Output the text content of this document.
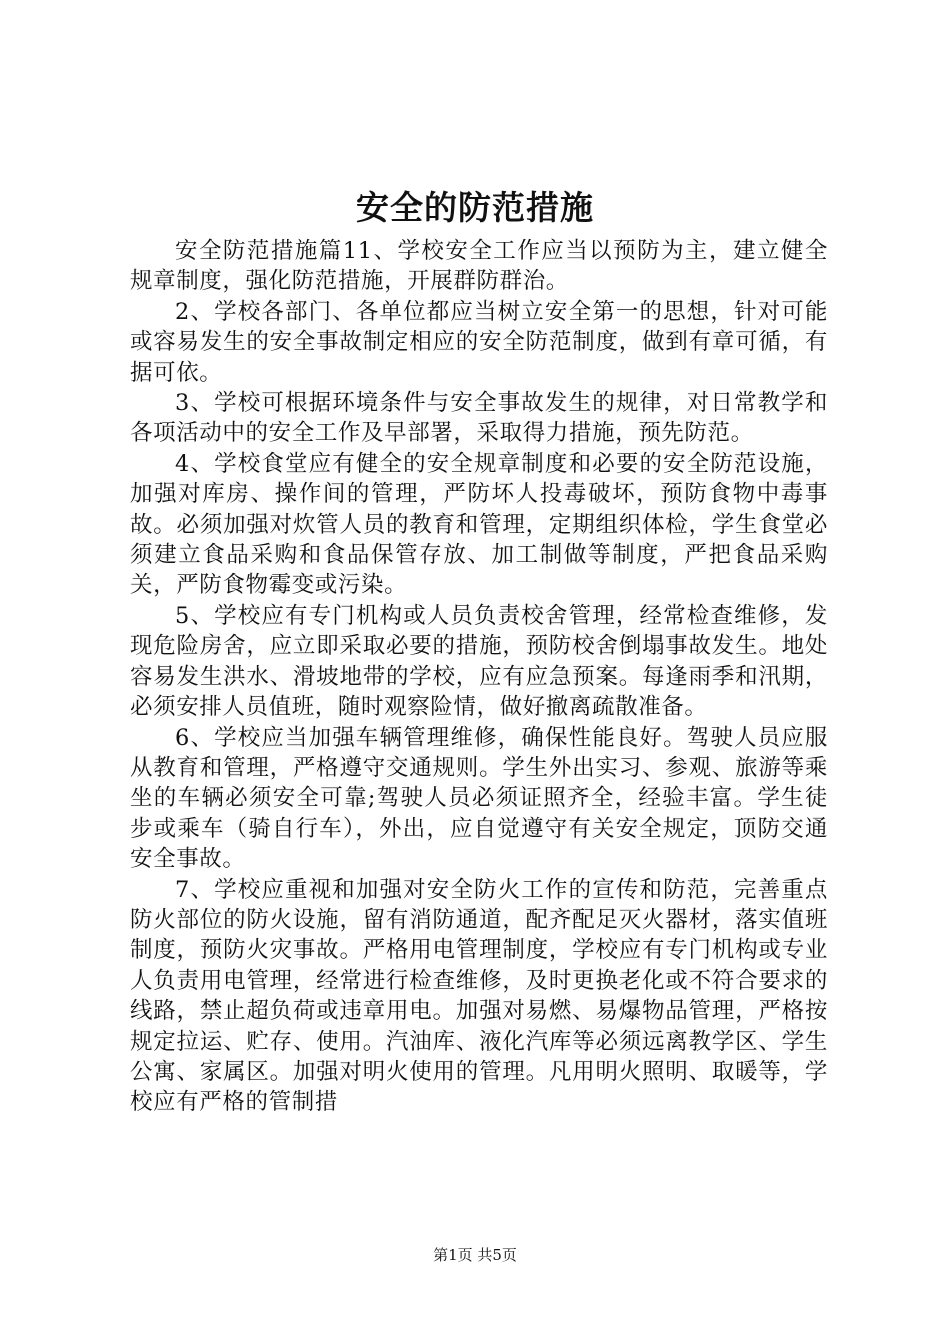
安全的防范措施

安全防范措施篇11、学校安全工作应当以预防为主，建立健全规章制度，强化防范措施，开展群防群治。

2、学校各部门、各单位都应当树立安全第一的思想，针对可能或容易发生的安全事故制定相应的安全防范制度，做到有章可循，有据可依。

3、学校可根据环境条件与安全事故发生的规律，对日常教学和各项活动中的安全工作及早部署，采取得力措施，预先防范。

4、学校食堂应有健全的安全规章制度和必要的安全防范设施，加强对库房、操作间的管理，严防坏人投毒破坏，预防食物中毒事故。必须加强对炊管人员的教育和管理，定期组织体检，学生食堂必须建立食品采购和食品保管存放、加工制做等制度，严把食品采购关，严防食物霉变或污染。

5、学校应有专门机构或人员负责校舍管理，经常检查维修，发现危险房舍，应立即采取必要的措施，预防校舍倒塌事故发生。地处容易发生洪水、滑坡地带的学校，应有应急预案。每逢雨季和汛期，必须安排人员值班，随时观察险情，做好撤离疏散准备。

6、学校应当加强车辆管理维修，确保性能良好。驾驶人员应服从教育和管理，严格遵守交通规则。学生外出实习、参观、旅游等乘坐的车辆必须安全可靠;驾驶人员必须证照齐全，经验丰富。学生徒步或乘车（骑自行车），外出，应自觉遵守有关安全规定，顶防交通安全事故。

7、学校应重视和加强对安全防火工作的宣传和防范，完善重点防火部位的防火设施，留有消防通道，配齐配足灭火器材，落实值班制度，预防火灾事故。严格用电管理制度，学校应有专门机构或专业人负责用电管理，经常进行检查维修，及时更换老化或不符合要求的线路，禁止超负荷或违章用电。加强对易燃、易爆物品管理，严格按规定拉运、贮存、使用。汽油库、液化汽库等必须远离教学区、学生公寓、家属区。加强对明火使用的管理。凡用明火照明、取暖等，学校应有严格的管制措

第1页 共5页
